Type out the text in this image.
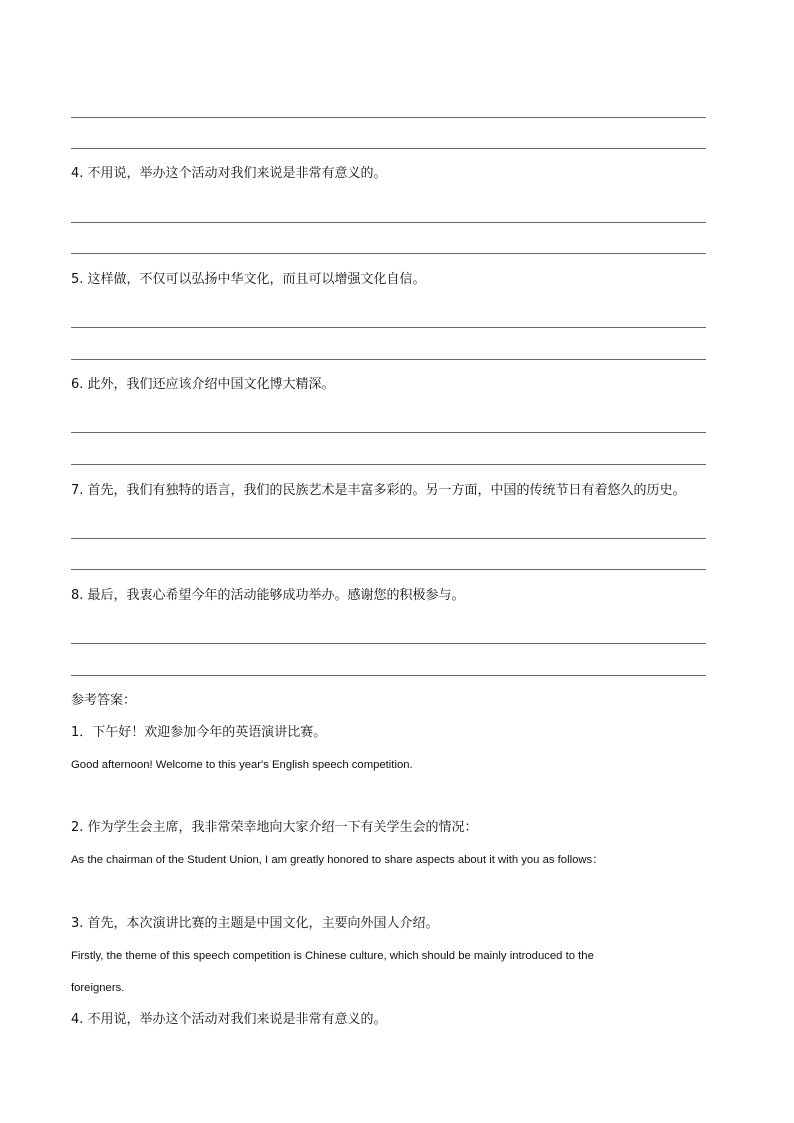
4. 不用说，举办这个活动对我们来说是非常有意义的。
5. 这样做，不仅可以弘扬中华文化，而且可以增强文化自信。
6. 此外，我们还应该介绍中国文化博大精深。
7. 首先，我们有独特的语言，我们的民族艺术是丰富多彩的。另一方面，中国的传统节日有着悠久的历史。
8. 最后，我衷心希望今年的活动能够成功举办。感谢您的积极参与。
参考答案：
1．下午好！欢迎参加今年的英语演讲比赛。
Good afternoon! Welcome to this year's English speech competition.
2. 作为学生会主席，我非常荣幸地向大家介绍一下有关学生会的情况：
As the chairman of the Student Union, I am greatly honored to share aspects about it with you as follows：
3. 首先，本次演讲比赛的主题是中国文化，主要向外国人介绍。
Firstly, the theme of this speech competition is Chinese culture, which should be mainly introduced to the
foreigners.
4. 不用说，举办这个活动对我们来说是非常有意义的。
